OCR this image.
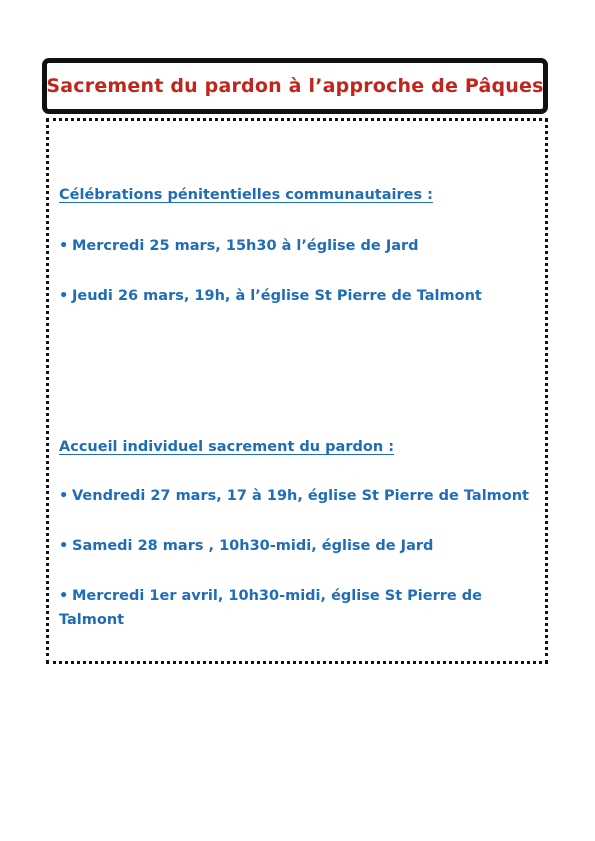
Sacrement du pardon à l’approche de Pâques
Célébrations pénitentielles communautaires :
• Mercredi 25 mars, 15h30 à l’église de Jard
• Jeudi 26 mars, 19h, à l’église St Pierre de Talmont
Accueil individuel sacrement du pardon :
• Vendredi 27 mars, 17 à 19h, église St Pierre de Talmont
• Samedi 28 mars , 10h30-midi, église de Jard
• Mercredi 1er avril, 10h30-midi, église St Pierre de Talmont
